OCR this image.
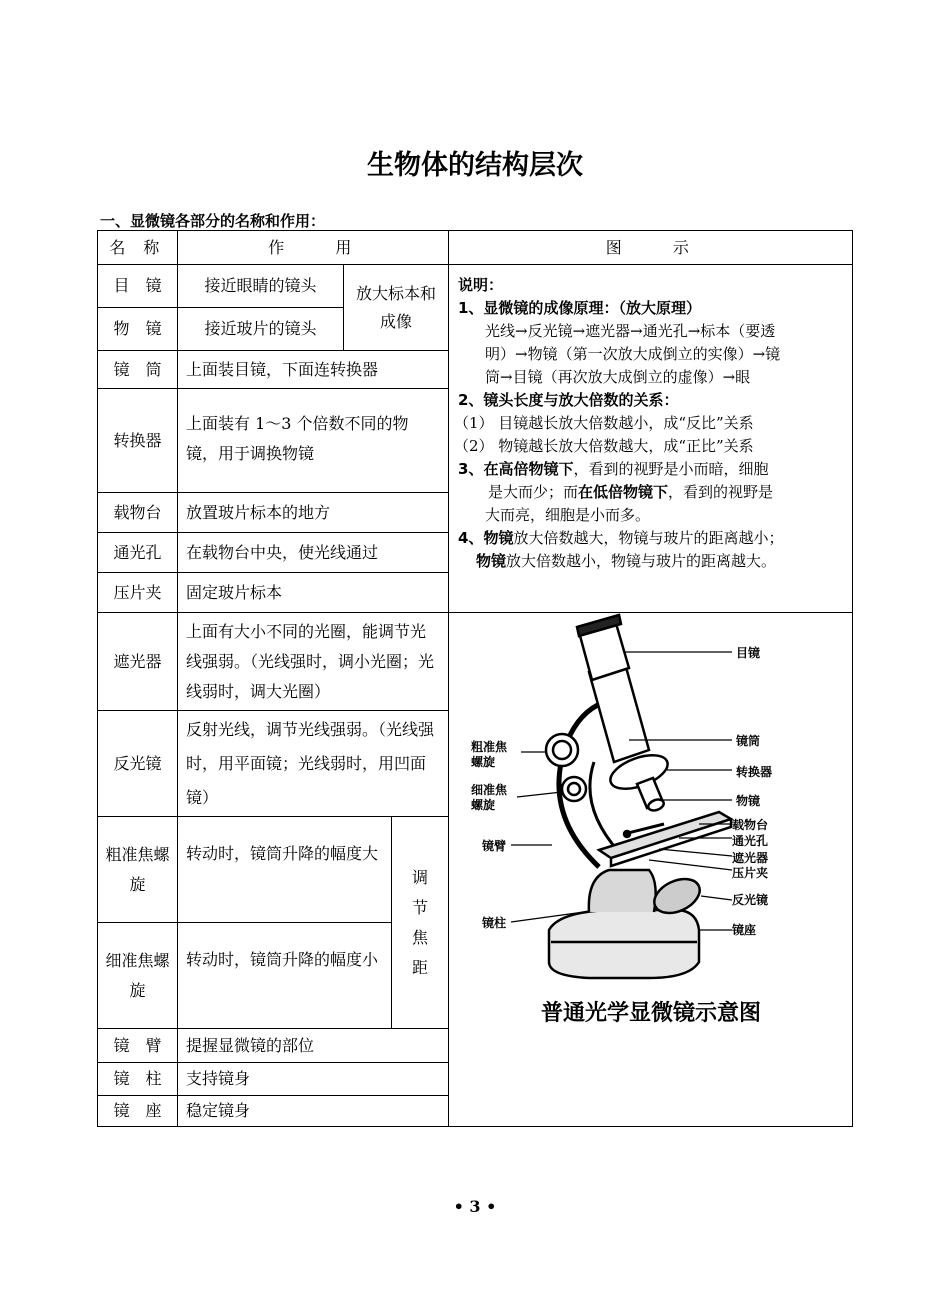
生物体的结构层次
一、显微镜各部分的名称和作用：
名 称	作　　用	图　　示
目　镜
物　镜
镜　筒
转换器
载物台
通光孔
压片夹
遮光器
反光镜
粗准焦螺 旋
细准焦螺 旋
镜　臂
镜　柱
镜　座
接近眼睛的镜头
接近玻片的镜头
放大标本和成像
上面装目镜，下面连转换器
上面装有 1～3 个倍数不同的物镜，用于调换物镜
放置玻片标本的地方
在载物台中央，使光线通过
固定玻片标本
上面有大小不同的光圈，能调节光线强弱。（光线强时，调小光圈；光线弱时，调大光圈）
反射光线，调节光线强弱。（光线强时，用平面镜；光线弱时，用凹面镜）
转动时，镜筒升降的幅度大
转动时，镜筒升降的幅度小
调节焦距
提握显微镜的部位
支持镜身
稳定镜身
说明：
1、显微镜的成像原理：（放大原理）
光线→反光镜→遮光器→通光孔→标本（要透
明）→物镜（第一次放大成倒立的实像）→镜
筒→目镜（再次放大成倒立的虚像）→眼
2、镜头长度与放大倍数的关系：
（1） 目镜越长放大倍数越小，成“反比”关系
（2） 物镜越长放大倍数越大，成“正比”关系
3、在高倍物镜下，看到的视野是小而暗，细胞
是大而少；而在低倍物镜下，看到的视野是
大而亮，细胞是小而多。
4、物镜放大倍数越大，物镜与玻片的距离越小；
物镜放大倍数越小，物镜与玻片的距离越大。
目镜
镜筒
转换器
物镜
载物台
通光孔
遮光器
压片夹
反光镜
镜座
粗准焦
螺旋
细准焦
螺旋
镜臂
镜柱
普通光学显微镜示意图
• 3 •
